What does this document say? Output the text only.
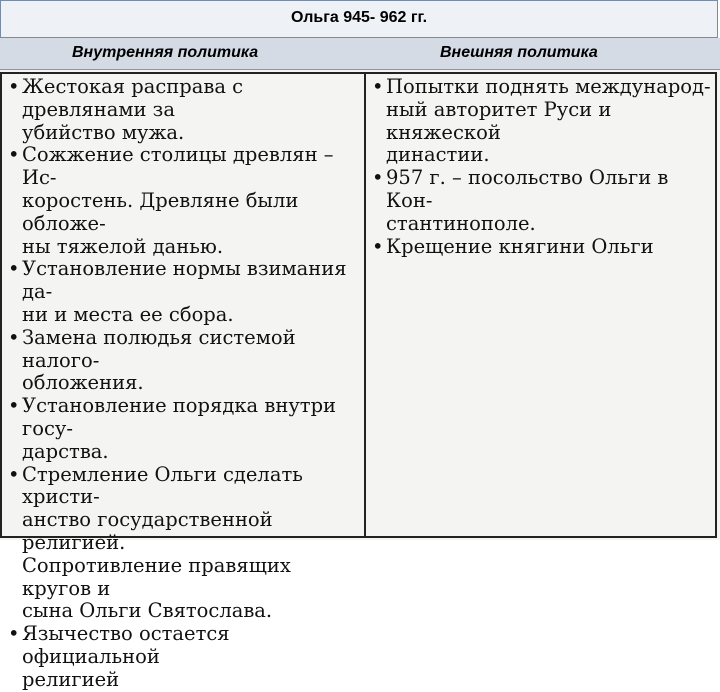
Ольга 945- 962 гг.
Внутренняя политика	Внешняя политика
• Жестокая расправа с древлянами за
убийство мужа.
• Сожжение столицы древлян – Ис-
коростень. Древляне были обложе-
ны тяжелой данью.
• Установление нормы взимания да-
ни и места ее сбора.
• Замена полюдья системой налого-
обложения.
• Установление порядка внутри госу-
дарства.
• Стремление Ольги сделать христи-
анство государственной религией.
Сопротивление правящих кругов и
сына Ольги Святослава.
• Язычество остается официальной
религией
• Попытки поднять международ-
ный авторитет Руси и княжеской
династии.
• 957 г. – посольство Ольги в Кон-
стантинополе.
• Крещение княгини Ольги
